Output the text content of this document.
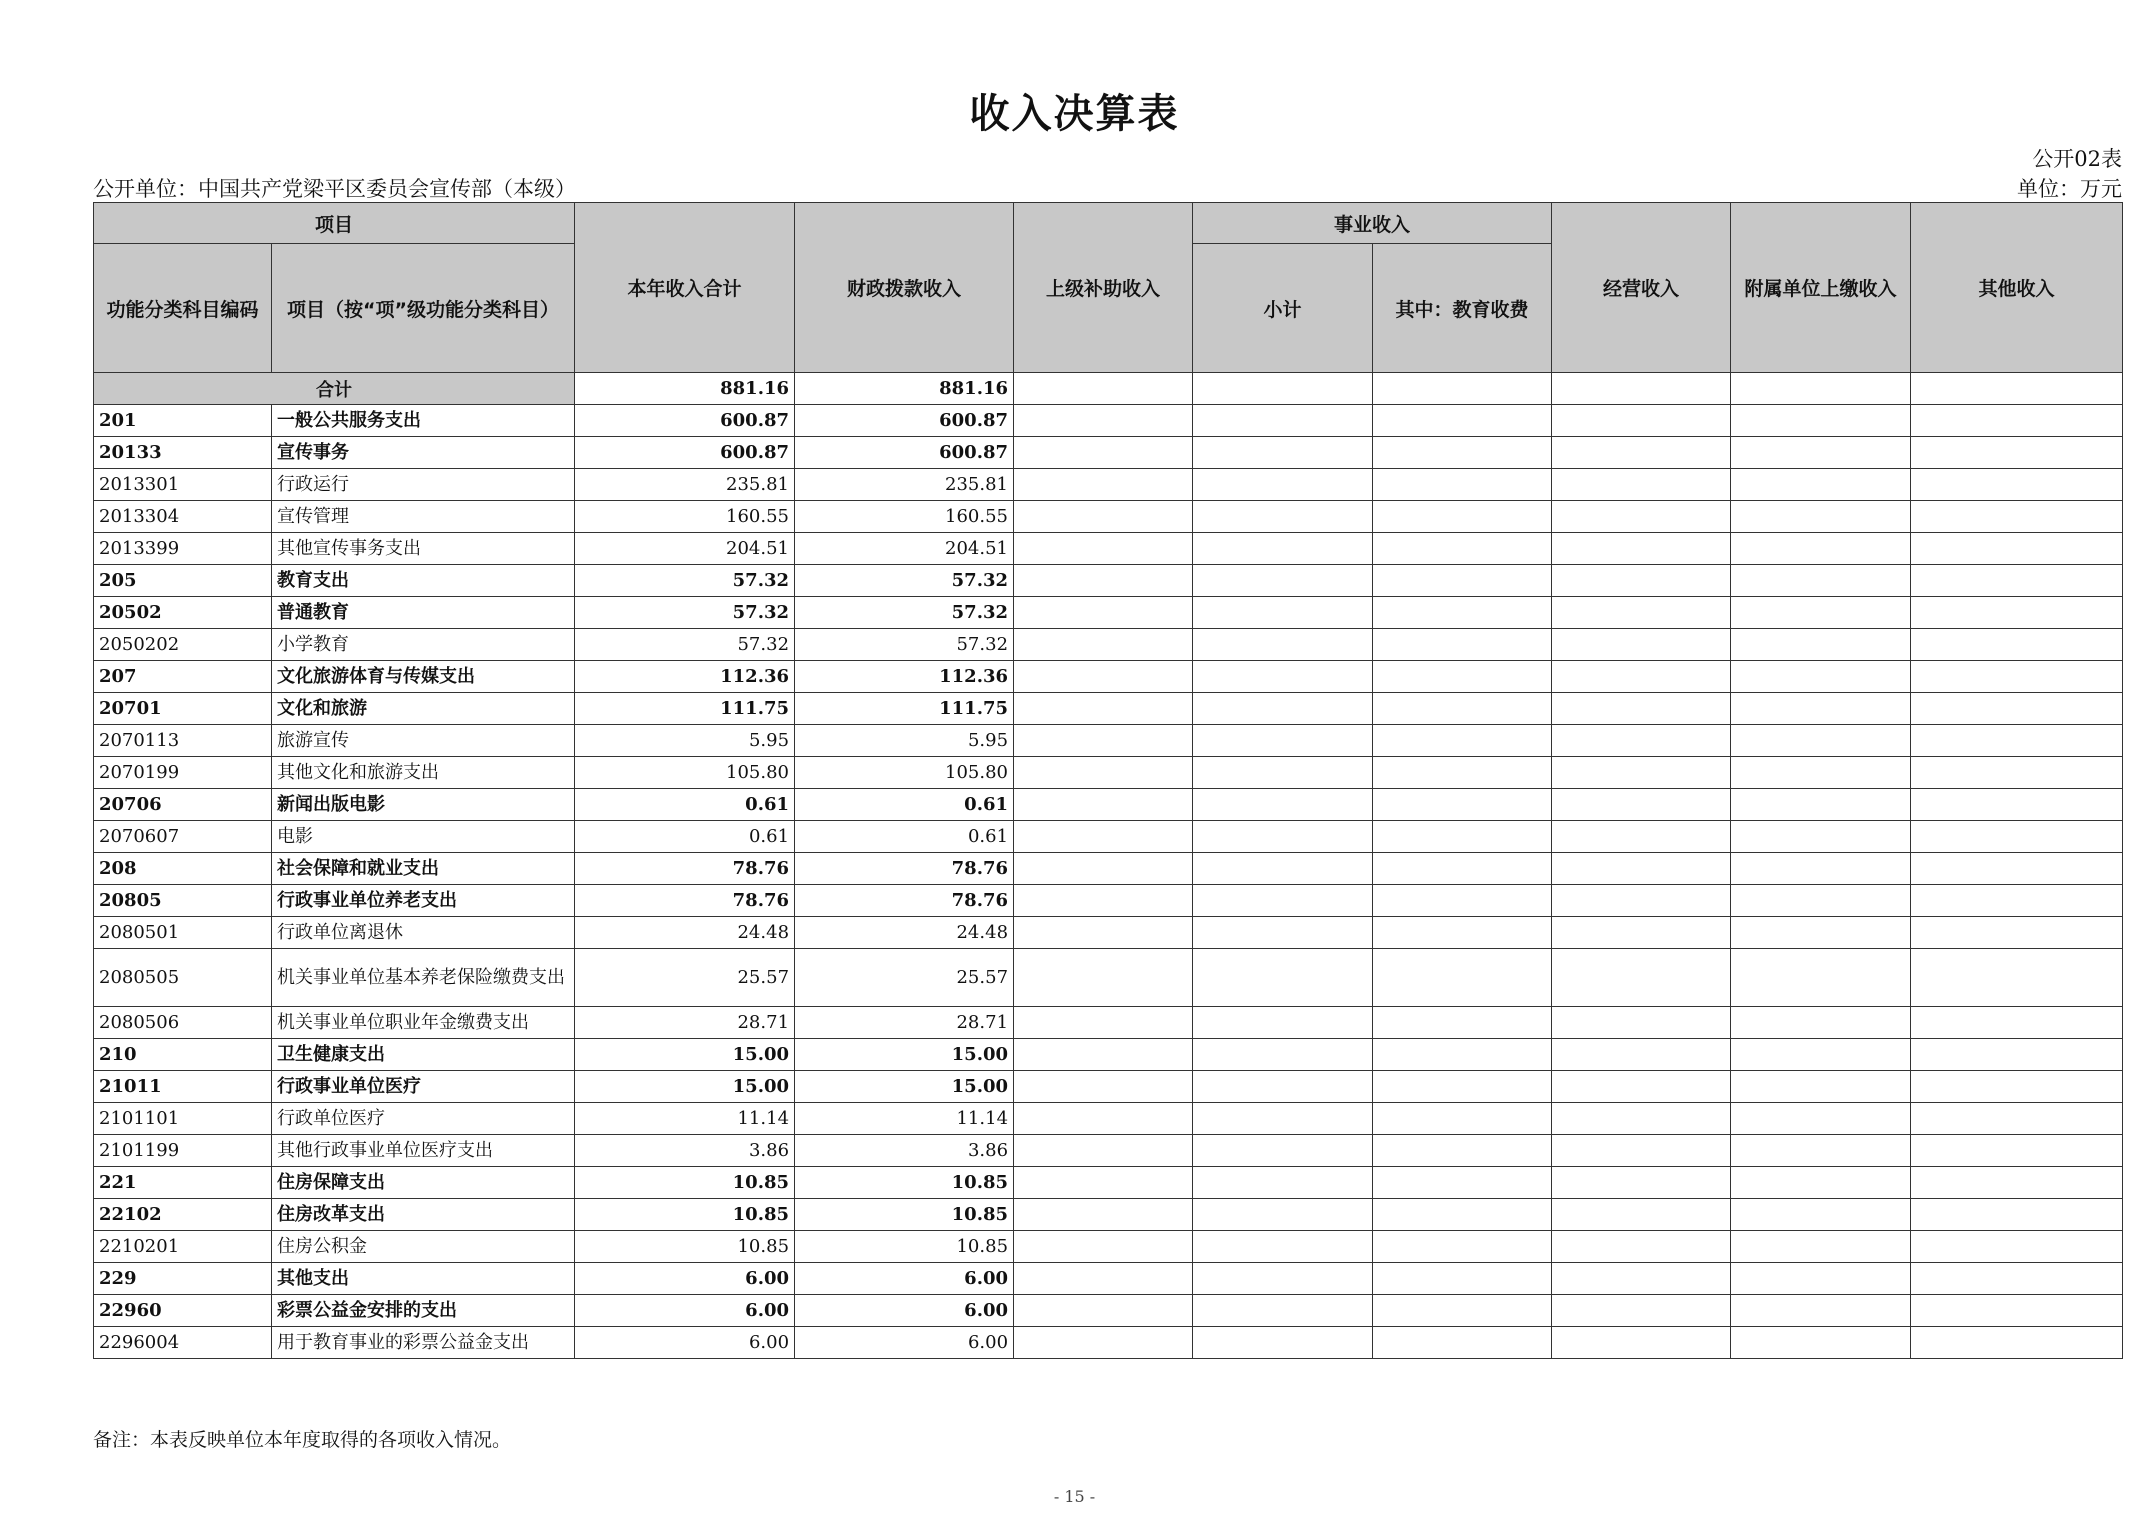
收入决算表
公开02表
公开单位：中国共产党梁平区委员会宣传部（本级）	单位：万元
项目		本年收入合计	财政拨款收入	上级补助收入	事业收入		经营收入	附属单位上缴收入	其他收入
功能分类科目编码	项目（按“项”级功能分类科目）				小计	其中：教育收费			
合计		881.16	881.16						
201	一般公共服务支出	600.87	600.87						
20133	宣传事务	600.87	600.87						
2013301	行政运行	235.81	235.81						
2013304	宣传管理	160.55	160.55						
2013399	其他宣传事务支出	204.51	204.51						
205	教育支出	57.32	57.32						
20502	普通教育	57.32	57.32						
2050202	小学教育	57.32	57.32						
207	文化旅游体育与传媒支出	112.36	112.36						
20701	文化和旅游	111.75	111.75						
2070113	旅游宣传	5.95	5.95						
2070199	其他文化和旅游支出	105.80	105.80						
20706	新闻出版电影	0.61	0.61						
2070607	电影	0.61	0.61						
208	社会保障和就业支出	78.76	78.76						
20805	行政事业单位养老支出	78.76	78.76						
2080501	行政单位离退休	24.48	24.48						
2080505	机关事业单位基本养老保险缴费支出	25.57	25.57						
2080506	机关事业单位职业年金缴费支出	28.71	28.71						
210	卫生健康支出	15.00	15.00						
21011	行政事业单位医疗	15.00	15.00						
2101101	行政单位医疗	11.14	11.14						
2101199	其他行政事业单位医疗支出	3.86	3.86						
221	住房保障支出	10.85	10.85						
22102	住房改革支出	10.85	10.85						
2210201	住房公积金	10.85	10.85						
229	其他支出	6.00	6.00						
22960	彩票公益金安排的支出	6.00	6.00						
2296004	用于教育事业的彩票公益金支出	6.00	6.00						
备注：本表反映单位本年度取得的各项收入情况。
- 15 -
